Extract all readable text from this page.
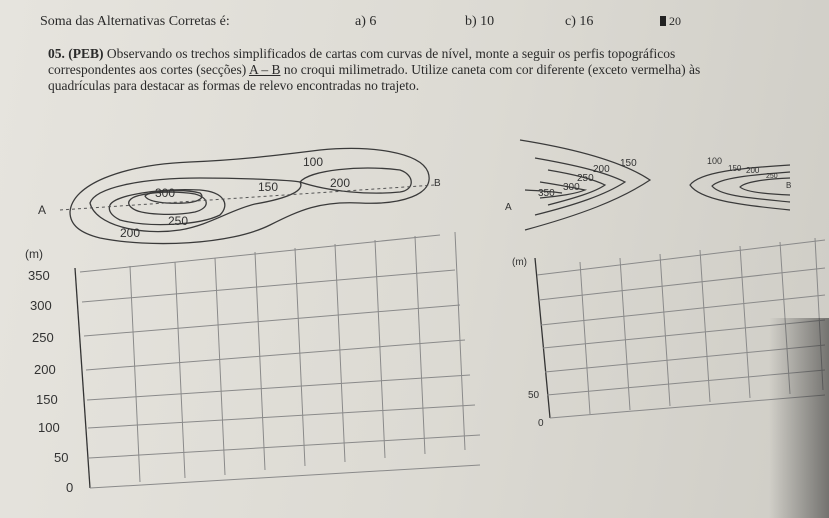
Soma das Alternativas Corretas é:	a) 6	b) 10	c) 16	20
05. (PEB) Observando os trechos simplificados de cartas com curvas de nível, monte a seguir os perfis topográficos correspondentes aos cortes (secções) A – B no croqui milimetrado. Utilize caneta com cor diferente (exceto vermelha) às quadrículas para destacar as formas de relevo encontradas no trajeto.
A
B
100
150	200
300
250
200
(m)
350
300
250
200
150
100
50
0
A
B
150
200
250
300
350
100
150 200
250
(m)
50
0
